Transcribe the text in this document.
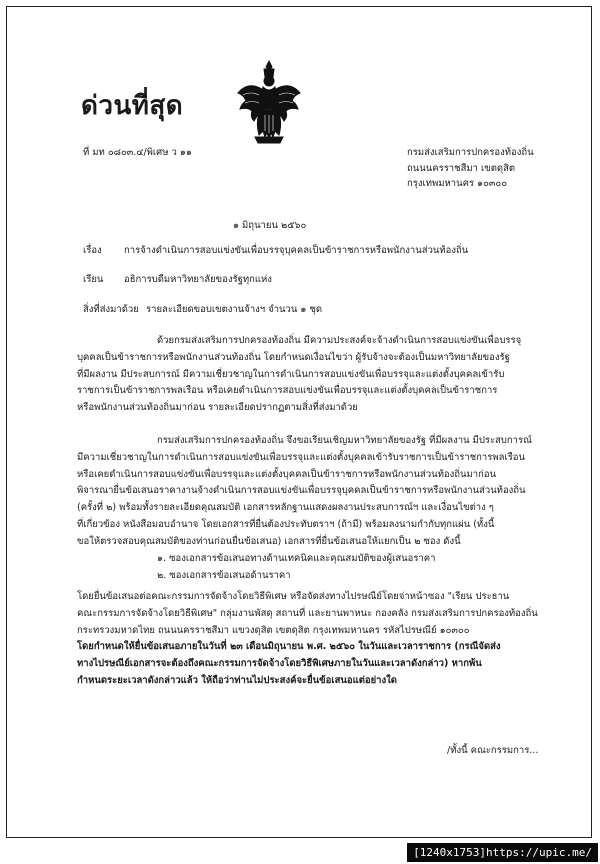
ด่วนที่สุด
ที่ มท ๐๘๐๓.๔/พิเศษ ว ๑๑	กรมส่งเสริมการปกครองท้องถิ่น
ถนนนครราชสีมา เขตดุสิต
กรุงเทพมหานคร ๑๐๓๐๐
๑ มิถุนายน ๒๕๖๐
เรื่อง การจ้างดำเนินการสอบแข่งขันเพื่อบรรจุบุคคลเป็นข้าราชการหรือพนักงานส่วนท้องถิ่น
เรียน อธิการบดีมหาวิทยาลัยของรัฐทุกแห่ง
สิ่งที่ส่งมาด้วย รายละเอียดขอบเขตงานจ้างฯ จำนวน ๑ ชุด
ด้วยกรมส่งเสริมการปกครองท้องถิ่น มีความประสงค์จะจ้างดำเนินการสอบแข่งขันเพื่อบรรจุ
บุคคลเป็นข้าราชการหรือพนักงานส่วนท้องถิ่น โดยกำหนดเงื่อนไขว่า ผู้รับจ้างจะต้องเป็นมหาวิทยาลัยของรัฐ
ที่มีผลงาน มีประสบการณ์ มีความเชี่ยวชาญในการดำเนินการสอบแข่งขันเพื่อบรรจุและแต่งตั้งบุคคลเข้ารับ
ราชการเป็นข้าราชการพลเรือน หรือเคยดำเนินการสอบแข่งขันเพื่อบรรจุและแต่งตั้งบุคคลเป็นข้าราชการ
หรือพนักงานส่วนท้องถิ่นมาก่อน รายละเอียดปรากฏตามสิ่งที่ส่งมาด้วย
กรมส่งเสริมการปกครองท้องถิ่น จึงขอเรียนเชิญมหาวิทยาลัยของรัฐ ที่มีผลงาน มีประสบการณ์
มีความเชี่ยวชาญในการดำเนินการสอบแข่งขันเพื่อบรรจุและแต่งตั้งบุคคลเข้ารับราชการเป็นข้าราชการพลเรือน
หรือเคยดำเนินการสอบแข่งขันเพื่อบรรจุและแต่งตั้งบุคคลเป็นข้าราชการหรือพนักงานส่วนท้องถิ่นมาก่อน
พิจารณายื่นข้อเสนอราคางานจ้างดำเนินการสอบแข่งขันเพื่อบรรจุบุคคลเป็นข้าราชการหรือพนักงานส่วนท้องถิ่น
(ครั้งที่ ๒) พร้อมทั้งรายละเอียดคุณสมบัติ เอกสารหลักฐานแสดงผลงานประสบการณ์ฯ และเงื่อนไขต่าง ๆ
ที่เกี่ยวข้อง หนังสือมอบอำนาจ โดยเอกสารที่ยื่นต้องประทับตราฯ (ถ้ามี) พร้อมลงนามกำกับทุกแผ่น (ทั้งนี้
ขอให้ตรวจสอบคุณสมบัติของท่านก่อนยื่นข้อเสนอ) เอกสารที่ยื่นข้อเสนอให้แยกเป็น ๒ ซอง ดังนี้
๑. ซองเอกสารข้อเสนอทางด้านเทคนิคและคุณสมบัติของผู้เสนอราคา
๒. ซองเอกสารข้อเสนอด้านราคา
โดยยื่นข้อเสนอต่อคณะกรรมการจัดจ้างโดยวิธีพิเศษ หรือจัดส่งทางไปรษณีย์โดยจ่าหน้าซอง "เรียน ประธาน
คณะกรรมการจัดจ้างโดยวิธีพิเศษ" กลุ่มงานพัสดุ สถานที่ และยานพาหนะ กองคลัง กรมส่งเสริมการปกครองท้องถิ่น
กระทรวงมหาดไทย ถนนนครราชสีมา แขวงดุสิต เขตดุสิต กรุงเทพมหานคร รหัสไปรษณีย์ ๑๐๓๐๐
โดยกำหนดให้ยื่นข้อเสนอภายในวันที่ ๒๓ เดือนมิถุนายน พ.ศ. ๒๕๖๐ ในวันและเวลาราชการ (กรณีจัดส่ง
ทางไปรษณีย์เอกสารจะต้องถึงคณะกรรมการจัดจ้างโดยวิธีพิเศษภายในวันและเวลาดังกล่าว) หากพ้น
กำหนดระยะเวลาดังกล่าวแล้ว ให้ถือว่าท่านไม่ประสงค์จะยื่นข้อเสนอแต่อย่างใด
/ทั้งนี้ คณะกรรมการ...
[1240x1753]https://upic.me/
